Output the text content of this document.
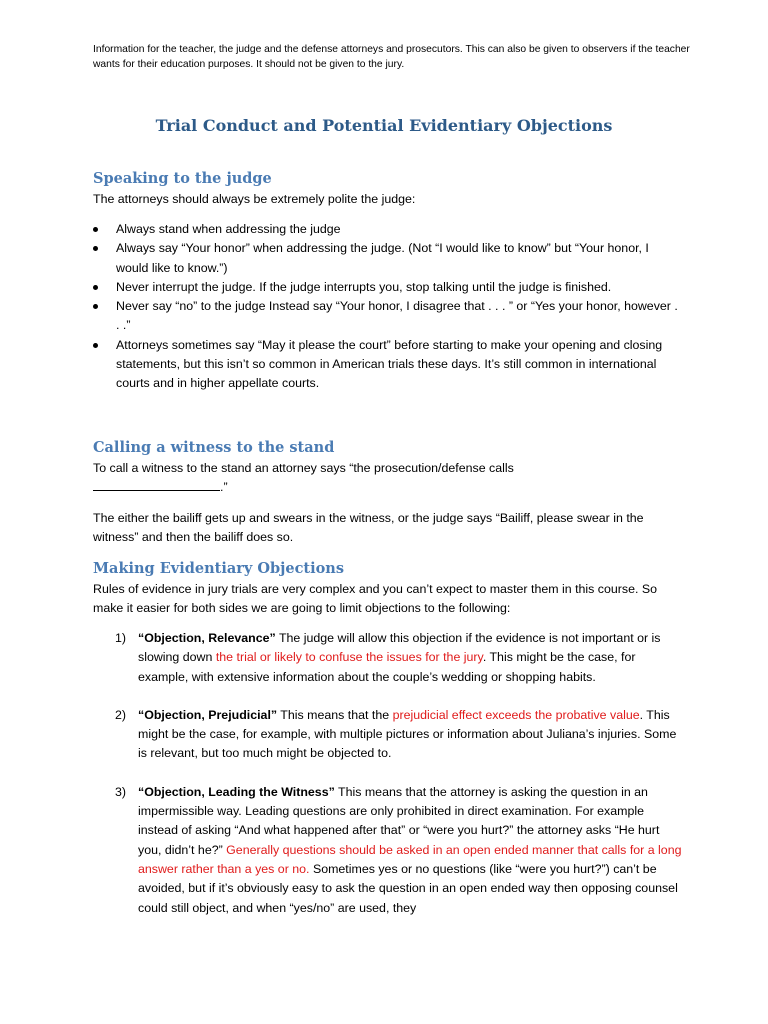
Information for the teacher, the judge and the defense attorneys and prosecutors. This can also be given to observers if the teacher wants for their education purposes. It should not be given to the jury.
Trial Conduct and Potential Evidentiary Objections
Speaking to the judge
The attorneys should always be extremely polite the judge:
Always stand when addressing the judge
Always say “Your honor” when addressing the judge. (Not “I would like to know” but “Your honor, I would like to know.”)
Never interrupt the judge. If the judge interrupts you, stop talking until the judge is finished.
Never say “no” to the judge Instead say “Your honor, I disagree that . . . ” or “Yes your honor, however . . .”
Attorneys sometimes say “May it please the court” before starting to make your opening and closing statements, but this isn’t so common in American trials these days. It’s still common in international courts and in higher appellate courts.
Calling a witness to the stand
To call a witness to the stand an attorney says “the prosecution/defense calls
.”
The either the bailiff gets up and swears in the witness, or the judge says “Bailiff, please swear in the witness” and then the bailiff does so.
Making Evidentiary Objections
Rules of evidence in jury trials are very complex and you can’t expect to master them in this course. So make it easier for both sides we are going to limit objections to the following:
1) “Objection, Relevance” The judge will allow this objection if the evidence is not important or is slowing down the trial or likely to confuse the issues for the jury. This might be the case, for example, with extensive information about the couple’s wedding or shopping habits.
2) “Objection, Prejudicial” This means that the prejudicial effect exceeds the probative value. This might be the case, for example, with multiple pictures or information about Juliana’s injuries. Some is relevant, but too much might be objected to.
3) “Objection, Leading the Witness” This means that the attorney is asking the question in an impermissible way. Leading questions are only prohibited in direct examination. For example instead of asking “And what happened after that” or “were you hurt?” the attorney asks “He hurt you, didn’t he?” Generally questions should be asked in an open ended manner that calls for a long answer rather than a yes or no. Sometimes yes or no questions (like “were you hurt?”) can’t be avoided, but if it’s obviously easy to ask the question in an open ended way then opposing counsel could still object, and when “yes/no” are used, they
